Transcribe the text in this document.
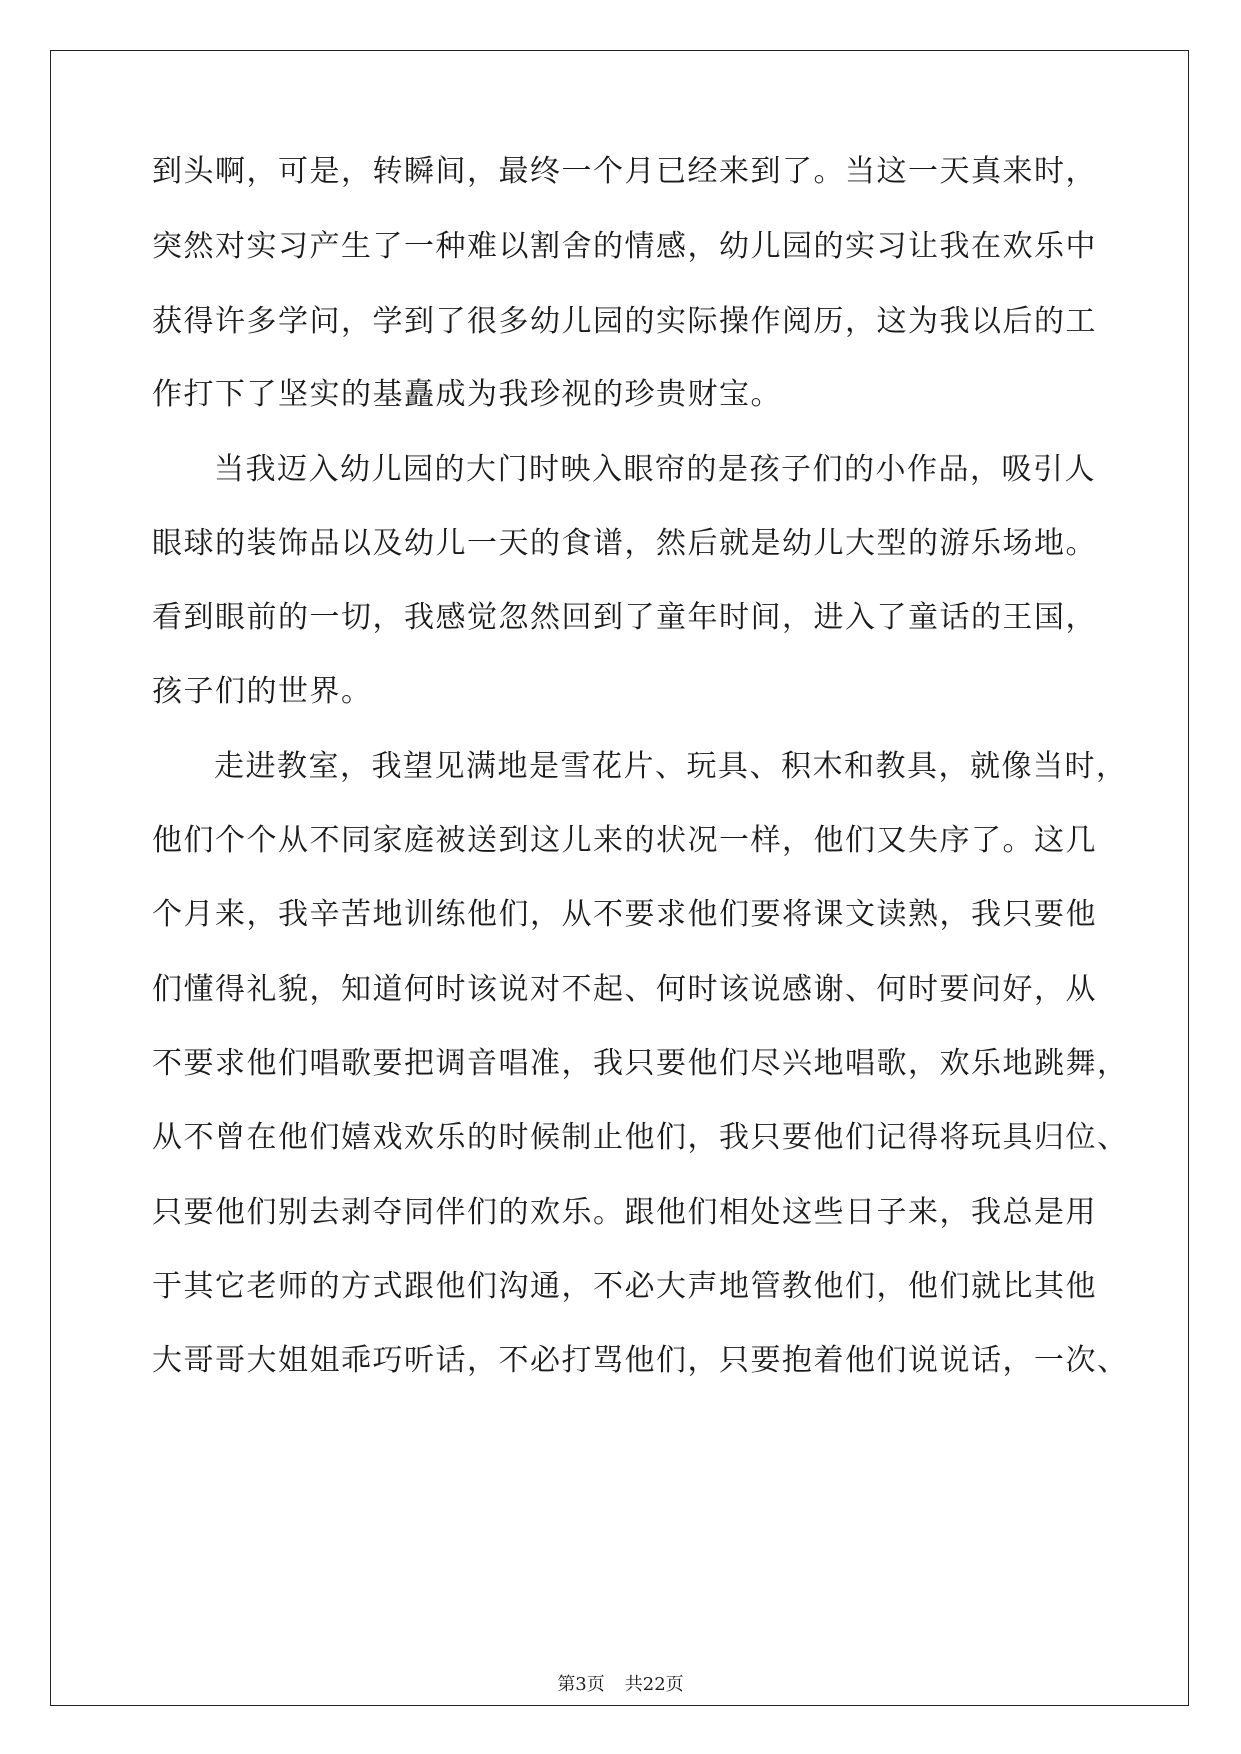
到头啊，可是，转瞬间，最终一个月已经来到了。当这一天真来时，
突然对实习产生了一种难以割舍的情感，幼儿园的实习让我在欢乐中
获得许多学问，学到了很多幼儿园的实际操作阅历，这为我以后的工
作打下了坚实的基矗成为我珍视的珍贵财宝。
当我迈入幼儿园的大门时映入眼帘的是孩子们的小作品，吸引人
眼球的装饰品以及幼儿一天的食谱，然后就是幼儿大型的游乐场地。
看到眼前的一切，我感觉忽然回到了童年时间，进入了童话的王国，
孩子们的世界。
走进教室，我望见满地是雪花片、玩具、积木和教具，就像当时，
他们个个从不同家庭被送到这儿来的状况一样，他们又失序了。这几
个月来，我辛苦地训练他们，从不要求他们要将课文读熟，我只要他
们懂得礼貌，知道何时该说对不起、何时该说感谢、何时要问好，从
不要求他们唱歌要把调音唱准，我只要他们尽兴地唱歌，欢乐地跳舞，
从不曾在他们嬉戏欢乐的时候制止他们，我只要他们记得将玩具归位、
只要他们别去剥夺同伴们的欢乐。跟他们相处这些日子来，我总是用
于其它老师的方式跟他们沟通，不必大声地管教他们，他们就比其他
大哥哥大姐姐乖巧听话，不必打骂他们，只要抱着他们说说话，一次、
第3页 共22页
